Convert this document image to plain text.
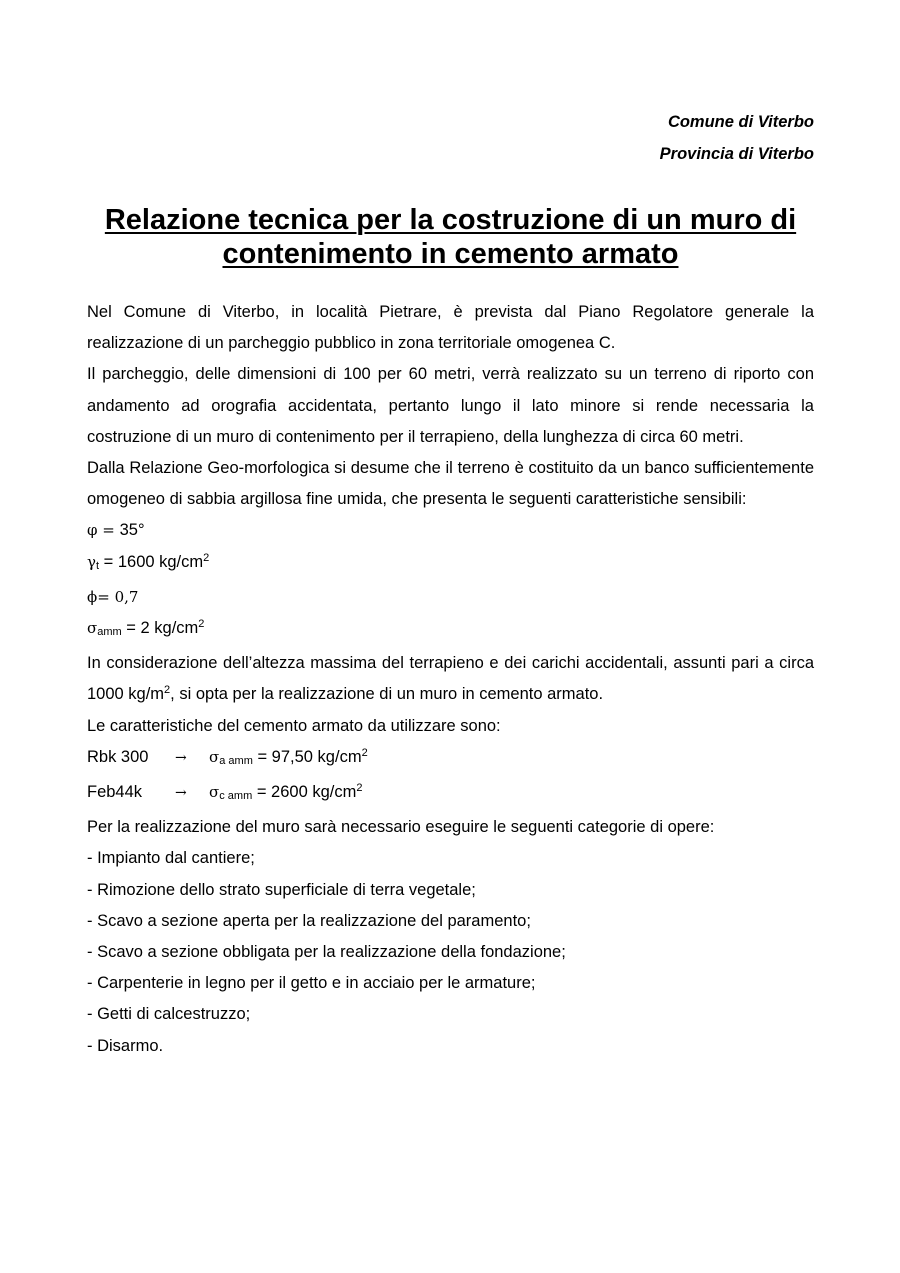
Comune di Viterbo
Provincia di Viterbo
Relazione tecnica per la costruzione di un muro di
contenimento in cemento armato

Nel Comune di Viterbo, in località Pietrare, è prevista dal Piano Regolatore generale la realizzazione di un parcheggio pubblico in zona territoriale omogenea C.

Il parcheggio, delle dimensioni di 100 per 60 metri, verrà realizzato su un terreno di riporto con andamento ad orografia accidentata, pertanto lungo il lato minore si rende necessaria la costruzione di un muro di contenimento per il terrapieno, della lunghezza di circa 60 metri.

Dalla Relazione Geo-morfologica si desume che il terreno è costituito da un banco sufficientemente omogeneo di sabbia argillosa fine umida, che presenta le seguenti caratteristiche sensibili:

φ = 35°

γt = 1600 $kg/cm^2$

ϕ= 0,7

σamm = 2 $kg/cm^2$

In considerazione dell’altezza massima del terrapieno e dei carichi accidentali, assunti pari a circa 1000 $kg/m^2$, si opta per la realizzazione di un muro in cemento armato.

Le caratteristiche del cemento armato da utilizzare sono:

Rbk 300 → σa amm = 97,50 $kg/cm^2$

Feb44k → σc amm = 2600 $kg/cm^2$

Per la realizzazione del muro sarà necessario eseguire le seguenti categorie di opere:

- Impianto dal cantiere;

- Rimozione dello strato superficiale di terra vegetale;

- Scavo a sezione aperta per la realizzazione del paramento;

- Scavo a sezione obbligata per la realizzazione della fondazione;

- Carpenterie in legno per il getto e in acciaio per le armature;

- Getti di calcestruzzo;

- Disarmo.
